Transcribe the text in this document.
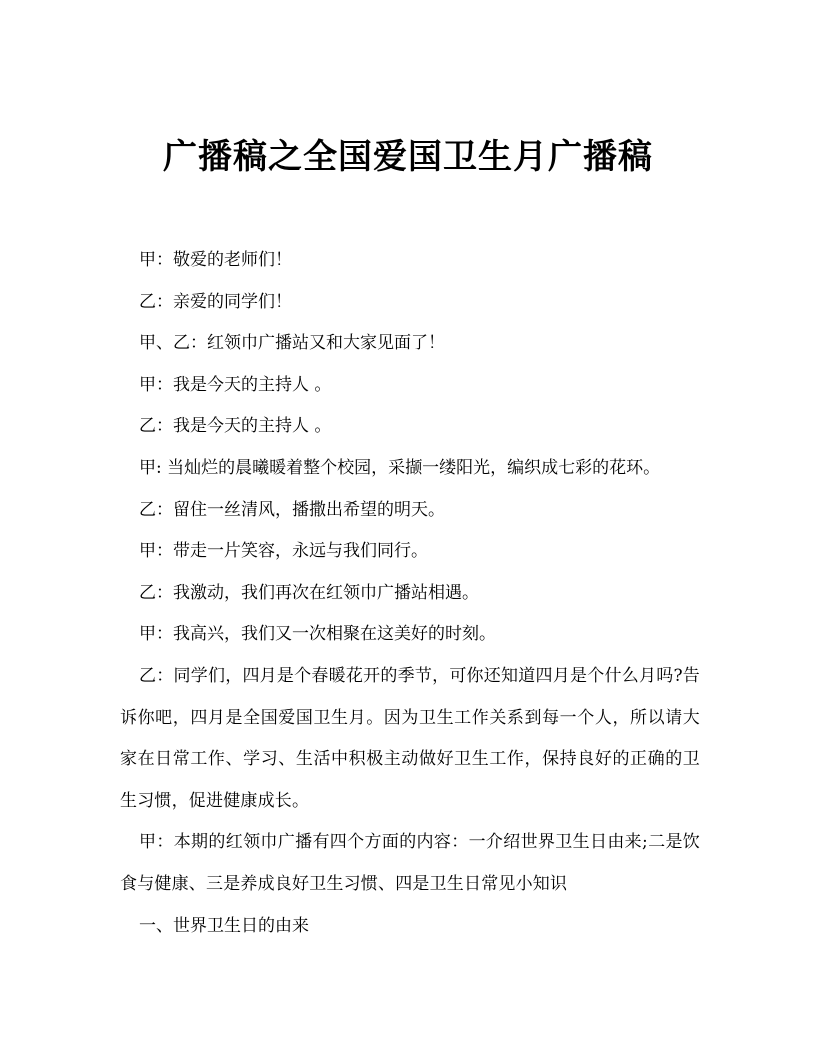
广播稿之全国爱国卫生月广播稿

甲：敬爱的老师们！

乙：亲爱的同学们！

甲、乙：红领巾广播站又和大家见面了！

甲：我是今天的主持人 。

乙：我是今天的主持人 。

甲: 当灿烂的晨曦暖着整个校园，采撷一缕阳光，编织成七彩的花环。

乙：留住一丝清风，播撒出希望的明天。

甲：带走一片笑容，永远与我们同行。

乙：我激动，我们再次在红领巾广播站相遇。

甲：我高兴，我们又一次相聚在这美好的时刻。

乙：同学们，四月是个春暖花开的季节，可你还知道四月是个什么月吗?告诉你吧，四月是全国爱国卫生月。因为卫生工作关系到每一个人，所以请大家在日常工作、学习、生活中积极主动做好卫生工作，保持良好的正确的卫生习惯，促进健康成长。

甲：本期的红领巾广播有四个方面的内容：一介绍世界卫生日由来;二是饮食与健康、三是养成良好卫生习惯、四是卫生日常见小知识

一、世界卫生日的由来
